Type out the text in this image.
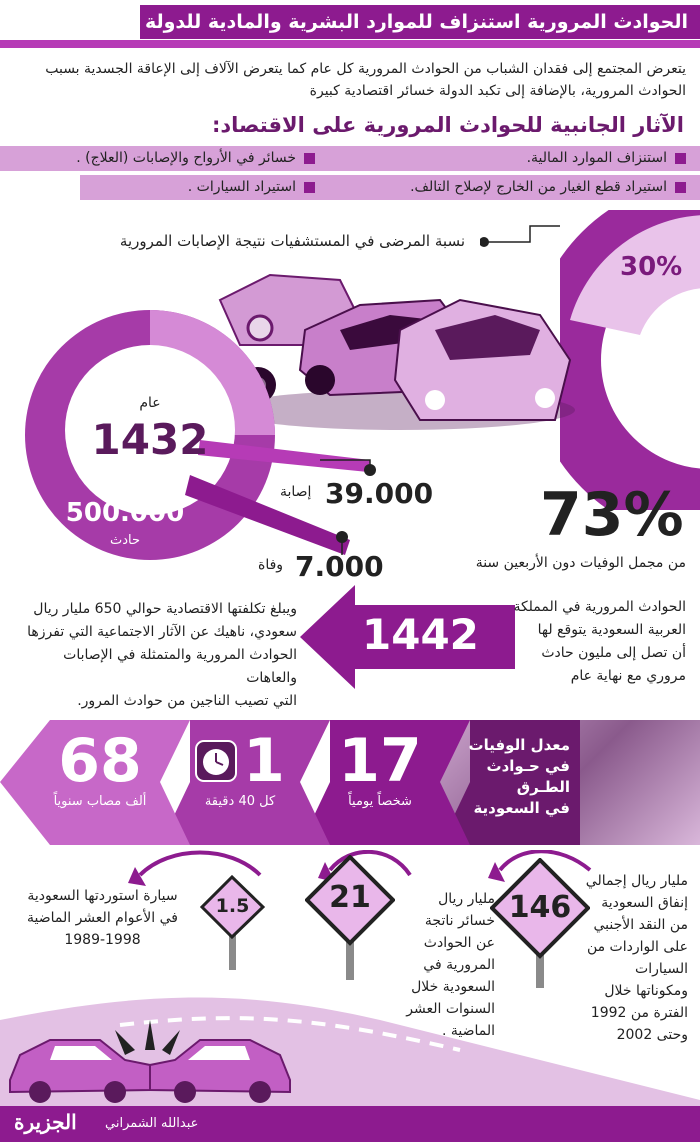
الحوادث المرورية استنزاف للموارد البشرية والمادية للدولة
يتعرض المجتمع إلى فقدان الشباب من الحوادث المرورية كل عام كما يتعرض الآلاف إلى الإعاقة الجسدية بسبب
الحوادث المرورية، بالإضافة إلى تكبد الدولة خسائر اقتصادية كبيرة
الآثار الجانبية للحوادث المرورية على الاقتصاد:
استنزاف الموارد المالية.
خسائر في الأرواح والإصابات (العلاج) .
استيراد قطع الغيار من الخارج لإصلاح التالف.
استيراد السيارات .
30%
نسبة المرضى في المستشفيات نتيجة الإصابات المرورية
عام
1432
500.000
حادث
39.000
إصابة
7.000
وفاة
73%
من مجمل الوفيات دون الأربعين سنة
1442
الحوادث المرورية في المملكة
العربية السعودية يتوقع لها
أن تصل إلى مليون حادث
مروري مع نهاية عام
ويبلغ تكلفتها الاقتصادية حوالي 650 مليار ريال
سعودي، ناهيك عن الآثار الاجتماعية التي تفرزها
الحوادث المرورية والمتمثلة في الإصابات والعاهات
التي تصيب الناجين من حوادث المرور.
معدل الوفيات
في حـوادث
الطـرق
في السعودية
17
شخصاً يومياً
1
كل 40 دقيقة
68
ألف مصاب سنوياً
146
مليار ريال إجمالي
إنفاق السعودية
من النقد الأجنبي
على الواردات من
السيارات
ومكوناتها خلال
الفترة من 1992
وحتى 2002
21	مليار ريال
خسائر ناتجة
عن الحوادث
المرورية في
السعودية خلال
السنوات العشر
الماضية .
1.5
سيارة استوردتها السعودية
في الأعوام العشر الماضية
1989-1998
عبدالله الشمراني
الجزيرة
